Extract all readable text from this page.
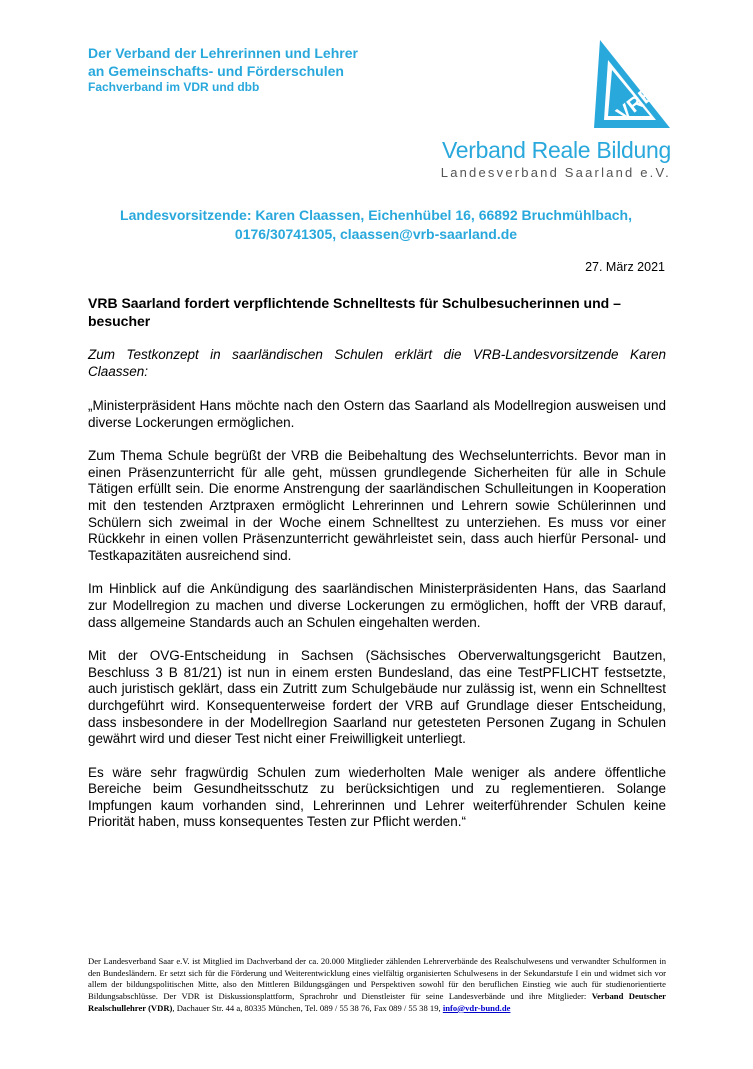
Der Verband der Lehrerinnen und Lehrer
an Gemeinschafts- und Förderschulen
Fachverband im VDR und dbb	VRB
Verband Reale Bildung
Landesverband Saarland e.V.
Landesvorsitzende: Karen Claassen, Eichenhübel 16, 66892 Bruchmühlbach,
0176/30741305, claassen@vrb-saarland.de
27. März 2021
VRB Saarland fordert verpflichtende Schnelltests für Schulbesucherinnen und –besucher
Zum Testkonzept in saarländischen Schulen erklärt die VRB-Landesvorsitzende Karen Claassen:

„Ministerpräsident Hans möchte nach den Ostern das Saarland als Modellregion ausweisen und diverse Lockerungen ermöglichen.

Zum Thema Schule begrüßt der VRB die Beibehaltung des Wechselunterrichts. Bevor man in einen Präsenzunterricht für alle geht, müssen grundlegende Sicherheiten für alle in Schule Tätigen erfüllt sein. Die enorme Anstrengung der saarländischen Schulleitungen in Kooperation mit den testenden Arztpraxen ermöglicht Lehrerinnen und Lehrern sowie Schülerinnen und Schülern sich zweimal in der Woche einem Schnelltest zu unterziehen. Es muss vor einer Rückkehr in einen vollen Präsenzunterricht gewährleistet sein, dass auch hierfür Personal- und Testkapazitäten ausreichend sind.

Im Hinblick auf die Ankündigung des saarländischen Ministerpräsidenten Hans, das Saarland zur Modellregion zu machen und diverse Lockerungen zu ermöglichen, hofft der VRB darauf, dass allgemeine Standards auch an Schulen eingehalten werden.

Mit der OVG-Entscheidung in Sachsen (Sächsisches Oberverwaltungsgericht Bautzen, Beschluss 3 B 81/21) ist nun in einem ersten Bundesland, das eine TestPFLICHT festsetzte, auch juristisch geklärt, dass ein Zutritt zum Schulgebäude nur zulässig ist, wenn ein Schnelltest durchgeführt wird. Konsequenterweise fordert der VRB auf Grundlage dieser Entscheidung, dass insbesondere in der Modellregion Saarland nur getesteten Personen Zugang in Schulen gewährt wird und dieser Test nicht einer Freiwilligkeit unterliegt.

Es wäre sehr fragwürdig Schulen zum wiederholten Male weniger als andere öffentliche Bereiche beim Gesundheitsschutz zu berücksichtigen und zu reglementieren. Solange Impfungen kaum vorhanden sind, Lehrerinnen und Lehrer weiterführender Schulen keine Priorität haben, muss konsequentes Testen zur Pflicht werden.“

Der Landesverband Saar e.V. ist Mitglied im Dachverband der ca. 20.000 Mitglieder zählenden Lehrerverbände des Realschulwesens und verwandter Schulformen in den Bundesländern. Er setzt sich für die Förderung und Weiterentwicklung eines vielfältig organisierten Schulwesens in der Sekundarstufe I ein und widmet sich vor allem der bildungspolitischen Mitte, also den Mittleren Bildungsgängen und Perspektiven sowohl für den beruflichen Einstieg wie auch für studienorientierte Bildungsabschlüsse. Der VDR ist Diskussionsplattform, Sprachrohr und Dienstleister für seine Landesverbände und ihre Mitglieder: Verband Deutscher Realschullehrer (VDR), Dachauer Str. 44 a, 80335 München, Tel. 089 / 55 38 76, Fax 089 / 55 38 19, info@vdr-bund.de
